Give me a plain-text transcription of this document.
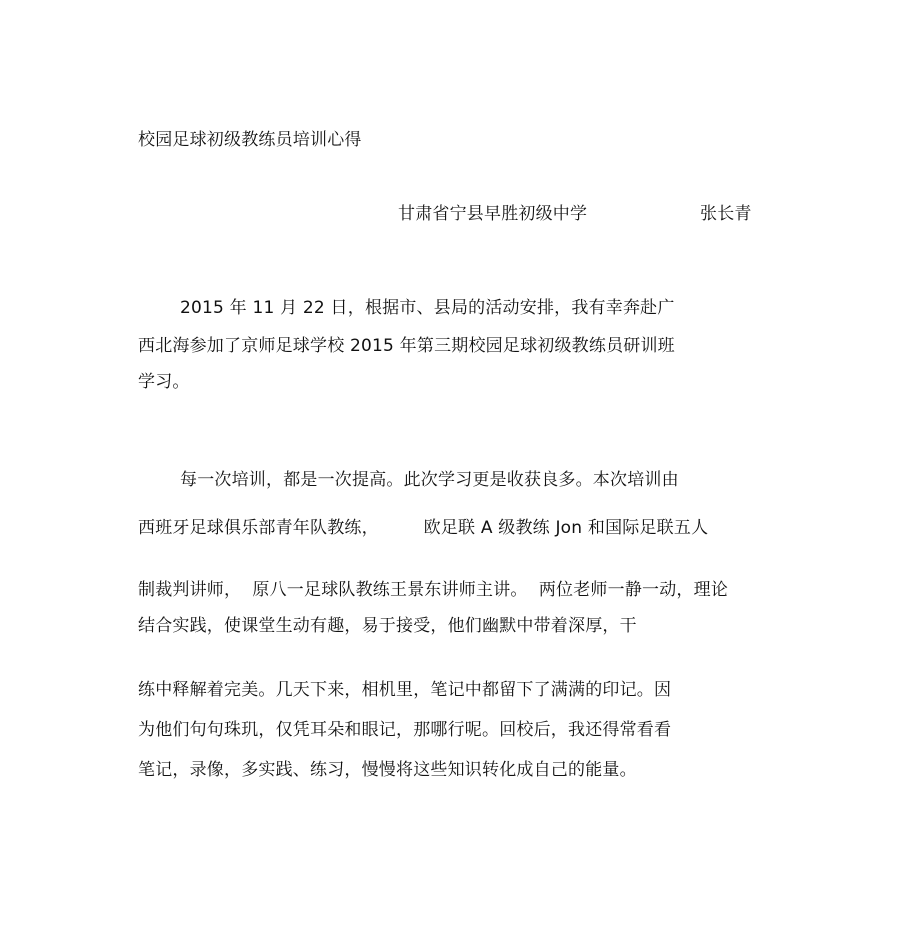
校园足球初级教练员培训心得
甘肃省宁县早胜初级中学	张长青
2015 年 11 月 22 日，根据市、县局的活动安排，我有幸奔赴广
西北海参加了京师足球学校 2015 年第三期校园足球初级教练员研训班
学习。
每一次培训，都是一次提高。此次学习更是收获良多。本次培训由
西班牙足球俱乐部青年队教练，        欧足联 A 级教练 Jon 和国际足联五人
制裁判讲师，  原八一足球队教练王景东讲师主讲。  两位老师一静一动，理论
结合实践，使课堂生动有趣，易于接受，他们幽默中带着深厚，干
练中释解着完美。几天下来，相机里，笔记中都留下了满满的印记。因
为他们句句珠玑，仅凭耳朵和眼记，那哪行呢。回校后，我还得常看看
笔记，录像，多实践、练习，慢慢将这些知识转化成自己的能量。
